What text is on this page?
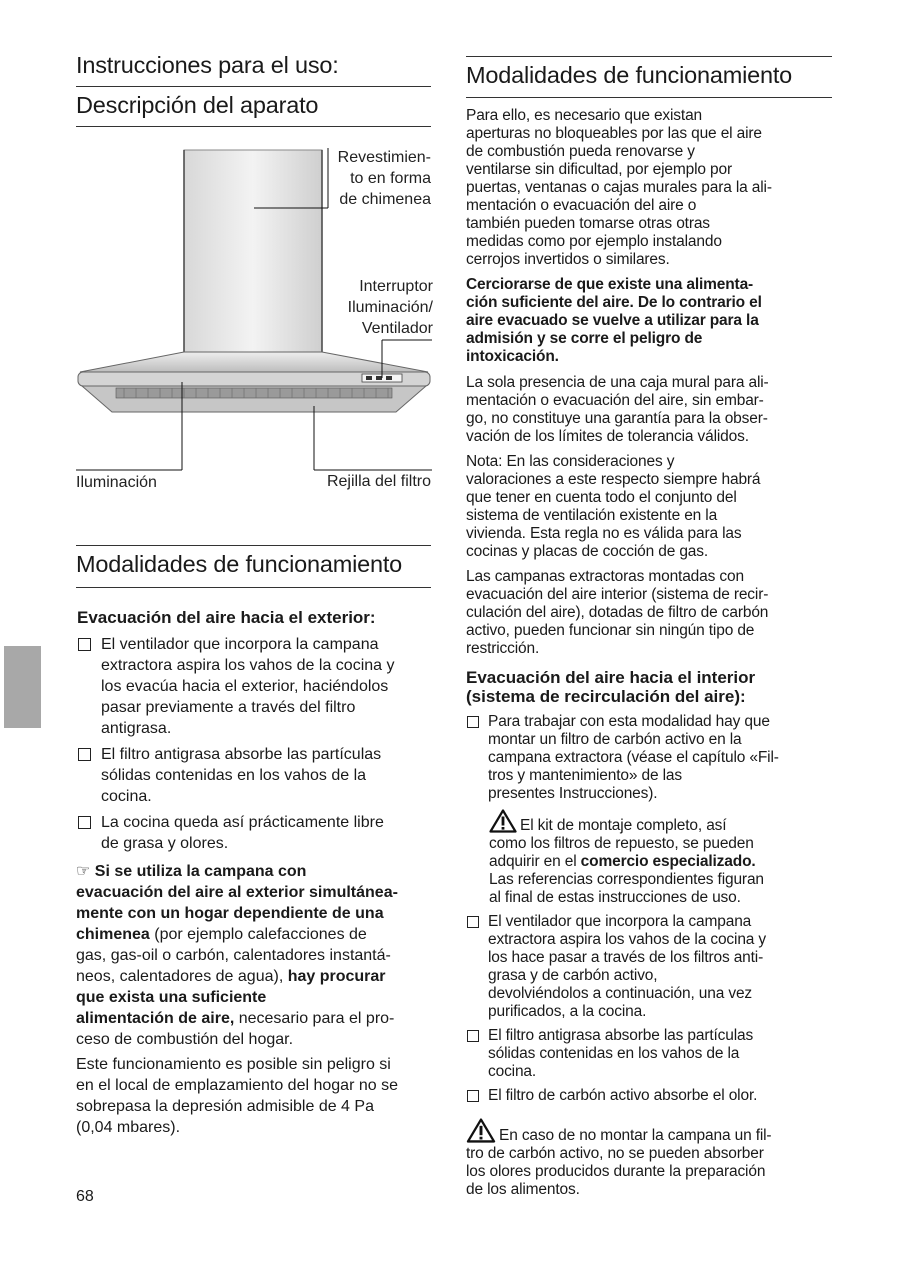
Instrucciones para el uso:
Descripción del aparato
Revestimien-
to en forma
de chimenea
Interruptor
Iluminación/
Ventilador
Iluminación	Rejilla del filtro
Modalidades de funcionamiento
Evacuación del aire hacia el exterior:
El ventilador que incorpora la campana
extractora aspira los vahos de la cocina y
los evacúa hacia el exterior, haciéndolos
pasar previamente a través del filtro
antigrasa.
El filtro antigrasa absorbe las partículas
sólidas contenidas en los vahos de la
cocina.
La cocina queda así prácticamente libre
de grasa y olores.
☞ Si se utiliza la campana con
evacuación del aire al exterior simultánea-
mente con un hogar dependiente de una
chimenea (por ejemplo calefacciones de
gas, gas-oil o carbón, calentadores instantá-
neos, calentadores de agua), hay procurar
que exista una suficiente
alimentación de aire, necesario para el pro-
ceso de combustión del hogar.
Este funcionamiento es posible sin peligro si
en el local de emplazamiento del hogar no se
sobrepasa la depresión admisible de 4 Pa
(0,04 mbares).
68
Modalidades de funcionamiento
Para ello, es necesario que existan
aperturas no bloqueables por las que el aire
de combustión pueda renovarse y
ventilarse sin dificultad, por ejemplo por
puertas, ventanas o cajas murales para la ali-
mentación o evacuación del aire o
también pueden tomarse otras otras
medidas como por ejemplo instalando
cerrojos invertidos o similares.
Cerciorarse de que existe una alimenta-
ción suficiente del aire. De lo contrario el
aire evacuado se vuelve a utilizar para la
admisión y se corre el peligro de
intoxicación.
La sola presencia de una caja mural para ali-
mentación o evacuación del aire, sin embar-
go, no constituye una garantía para la obser-
vación de los límites de tolerancia válidos.
Nota: En las consideraciones y
valoraciones a este respecto siempre habrá
que tener en cuenta todo el conjunto del
sistema de ventilación existente en la
vivienda. Esta regla no es válida para las
cocinas y placas de cocción de gas.
Las campanas extractoras montadas con
evacuación del aire interior (sistema de recir-
culación del aire), dotadas de filtro de carbón
activo, pueden funcionar sin ningún tipo de
restricción.
Evacuación del aire hacia el interior
(sistema de recirculación del aire):
Para trabajar con esta modalidad hay que
montar un filtro de carbón activo en la
campana extractora (véase el capítulo «Fil-
tros y mantenimiento» de las
presentes Instrucciones).
El kit de montaje completo, así
como los filtros de repuesto, se pueden
adquirir en el comercio especializado.
Las referencias correspondientes figuran
al final de estas instrucciones de uso.
El ventilador que incorpora la campana
extractora aspira los vahos de la cocina y
los hace pasar a través de los filtros anti-
grasa y de carbón activo,
devolviéndolos a continuación, una vez
purificados, a la cocina.
El filtro antigrasa absorbe las partículas
sólidas contenidas en los vahos de la
cocina.
El filtro de carbón activo absorbe el olor.
En caso de no montar la campana un fil-
tro de carbón activo, no se pueden absorber
los olores producidos durante la preparación
de los alimentos.
